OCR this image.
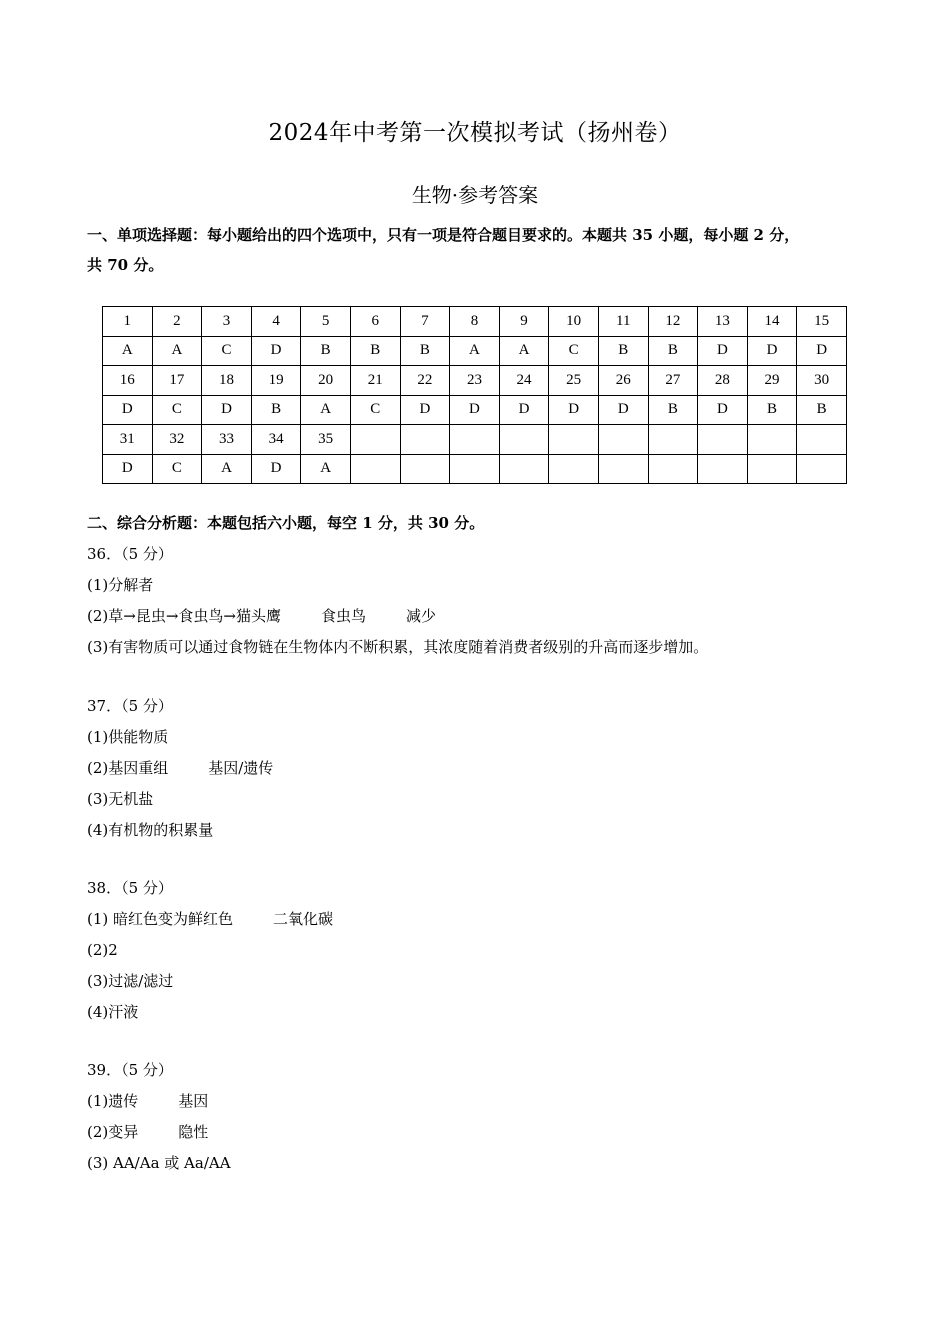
2024年中考第一次模拟考试（扬州卷）
生物·参考答案
一、单项选择题：每小题给出的四个选项中，只有一项是符合题目要求的。本题共 35 小题，每小题 2 分，
共 70 分。
1	2	3	4	5	6	7	8	9	10	11	12	13	14	15
A	A	C	D	B	B	B	A	A	C	B	B	D	D	D
16	17	18	19	20	21	22	23	24	25	26	27	28	29	30
D	C	D	B	A	C	D	D	D	D	D	B	D	B	B
31	32	33	34	35										
D	C	A	D	A										
二、综合分析题：本题包括六小题，每空 1 分，共 30 分。
36．（5 分）
(1)分解者
(2)草→昆虫→食虫鸟→猫头鹰	食虫鸟	减少
(3)有害物质可以通过食物链在生物体内不断积累，其浓度随着消费者级别的升高而逐步增加。
37．（5 分）
(1)供能物质
(2)基因重组	基因/遗传
(3)无机盐
(4)有机物的积累量
38．（5 分）
(1) 暗红色变为鲜红色	二氧化碳
(2)2
(3)过滤/滤过
(4)汗液
39．（5 分）
(1)遗传	基因
(2)变异	隐性
(3) AA/Aa 或 Aa/AA
